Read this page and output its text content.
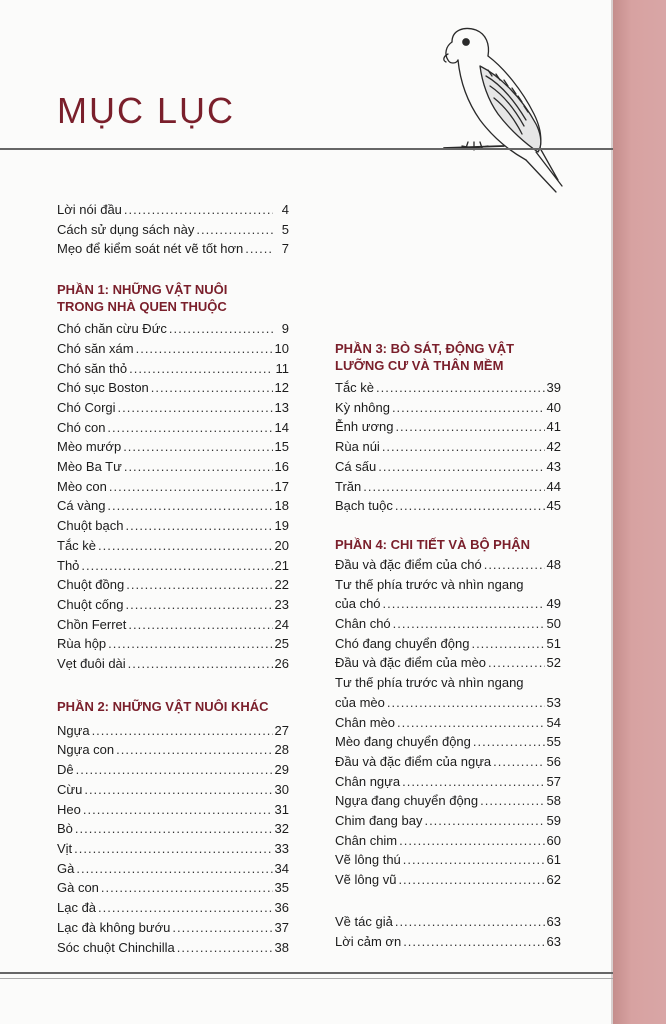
MỤC LỤC
Lời nói đầu .....	4
Cách sử dụng sách này .....	5
Mẹo để kiểm soát nét vẽ tốt hơn .....	7
PHẦN 1: NHỮNG VẬT NUÔI
TRONG NHÀ QUEN THUỘC
Chó chăn cừu Đức .....	9
Chó săn xám .....	10
Chó săn thỏ .....	11
Chó sục Boston .....	12
Chó Corgi .....	13
Chó con .....	14
Mèo mướp .....	15
Mèo Ba Tư .....	16
Mèo con .....	17
Cá vàng .....	18
Chuột bạch .....	19
Tắc kè .....	20
Thỏ .....	21
Chuột đồng .....	22
Chuột cống .....	23
Chồn Ferret .....	24
Rùa hộp .....	25
Vẹt đuôi dài .....	26
PHẦN 2: NHỮNG VẬT NUÔI KHÁC
Ngựa .....	27
Ngựa con .....	28
Dê .....	29
Cừu .....	30
Heo .....	31
Bò .....	32
Vịt .....	33
Gà .....	34
Gà con .....	35
Lạc đà .....	36
Lạc đà không bướu .....	37
Sóc chuột Chinchilla .....	38
PHẦN 3: BÒ SÁT, ĐỘNG VẬT
LƯỠNG CƯ VÀ THÂN MỀM
Tắc kè .....	39
Kỳ nhông .....	40
Ễnh ương .....	41
Rùa núi .....	42
Cá sấu .....	43
Trăn .....	44
Bạch tuộc .....	45
PHẦN 4: CHI TIẾT VÀ BỘ PHẬN
Đầu và đặc điểm của chó .....	48
Tư thế phía trước và nhìn ngang
của chó .....	49
Chân chó .....	50
Chó đang chuyển động .....	51
Đầu và đặc điểm của mèo .....	52
Tư thế phía trước và nhìn ngang
của mèo .....	53
Chân mèo .....	54
Mèo đang chuyển động .....	55
Đầu và đặc điểm của ngựa .....	56
Chân ngựa .....	57
Ngựa đang chuyển động .....	58
Chim đang bay .....	59
Chân chim .....	60
Vẽ lông thú .....	61
Vẽ lông vũ .....	62
Về tác giả .....	63
Lời cảm ơn .....	63
